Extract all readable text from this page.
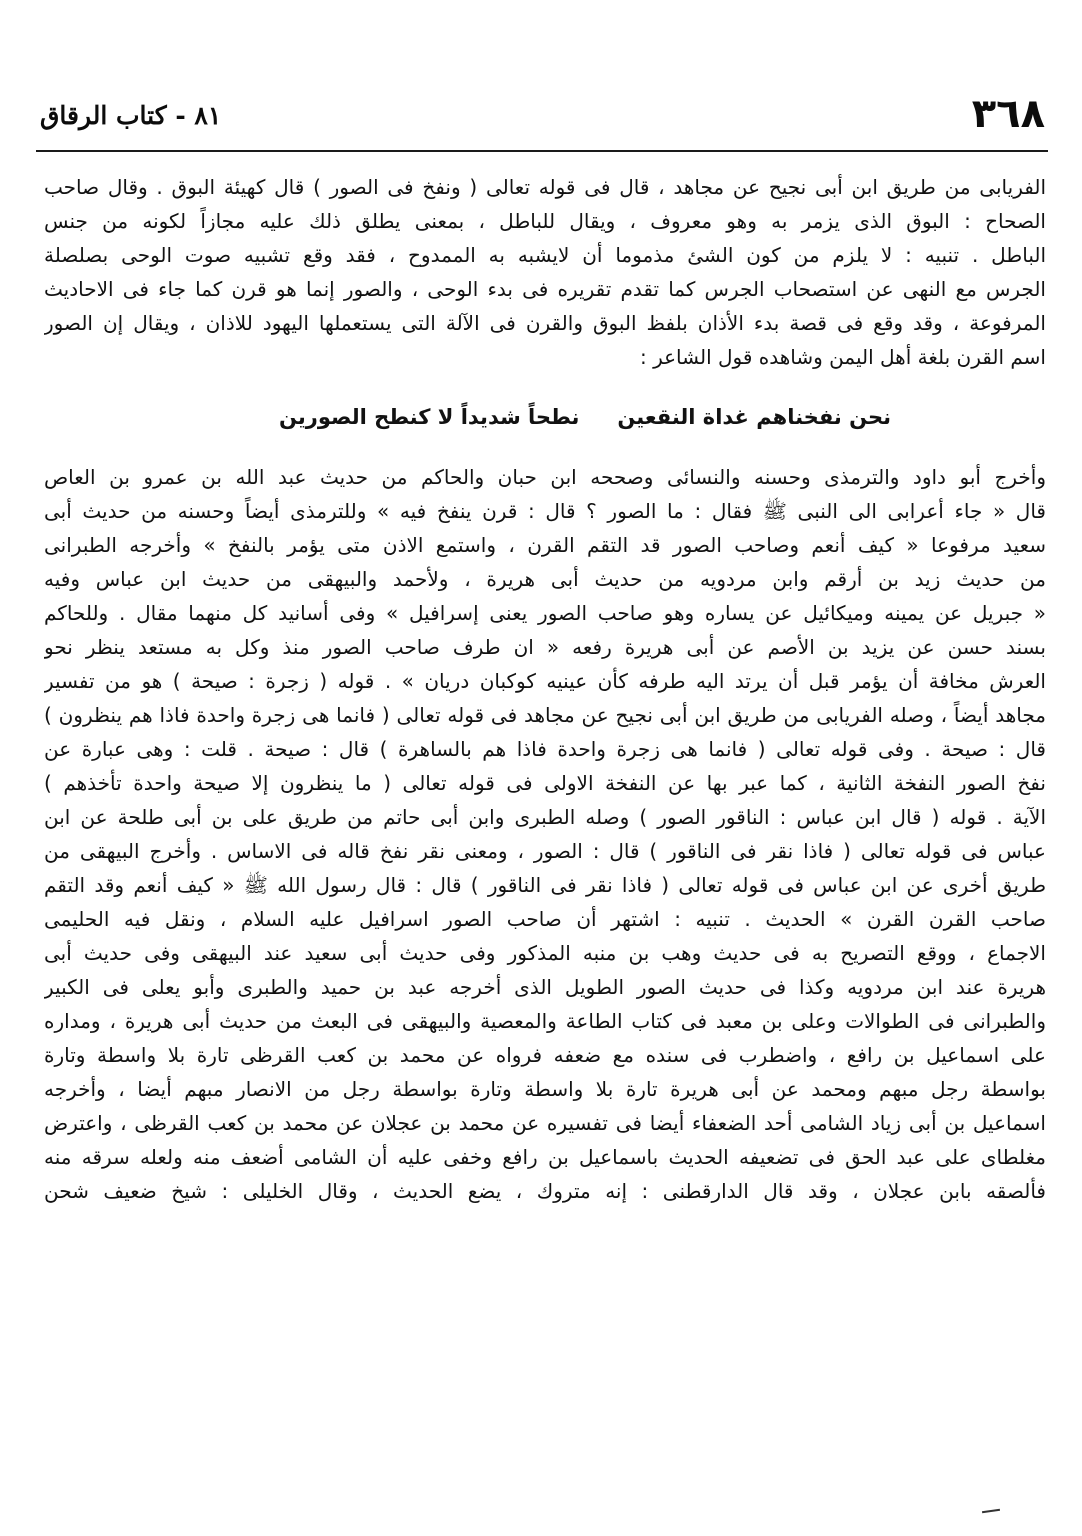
٣٦٨
٨١ - كتاب الرقاق
الفريابى من طريق ابن أبى نجيح عن مجاهد ، قال فى قوله تعالى ( ونفخ فى الصور ) قال كهيئة البوق . وقال صاحب
الصحاح : البوق الذى يزمر به وهو معروف ، ويقال للباطل ، بمعنى يطلق ذلك عليه مجازاً لكونه من جنس
الباطل . تنبيه : لا يلزم من كون الشئ مذموما أن لايشبه به الممدوح ، فقد وقع تشبيه صوت الوحى بصلصلة
الجرس مع النهى عن استصحاب الجرس كما تقدم تقريره فى بدء الوحى ، والصور إنما هو قرن كما جاء فى الاحاديث
المرفوعة ، وقد وقع فى قصة بدء الأذان بلفظ البوق والقرن فى الآلة التى يستعملها اليهود للاذان ، ويقال إن الصور
اسم القرن بلغة أهل اليمن وشاهده قول الشاعر :
نحن نفخناهم غداة النقعين
نطحاً شديداً لا كنطح الصورين
وأخرج أبو داود والترمذى وحسنه والنسائى وصححه ابن حبان والحاكم من حديث عبد الله بن عمرو بن العاص
قال « جاء أعرابى الى النبى ﷺ فقال : ما الصور ؟ قال : قرن ينفخ فيه » وللترمذى أيضاً وحسنه من حديث أبى
سعيد مرفوعا « كيف أنعم وصاحب الصور قد التقم القرن ، واستمع الاذن متى يؤمر بالنفخ » وأخرجه الطبرانى
من حديث زيد بن أرقم وابن مردويه من حديث أبى هريرة ، ولأحمد والبيهقى من حديث ابن عباس وفيه
« جبريل عن يمينه وميكائيل عن يساره وهو صاحب الصور يعنى إسرافيل » وفى أسانيد كل منهما مقال . وللحاكم
بسند حسن عن يزيد بن الأصم عن أبى هريرة رفعه « ان طرف صاحب الصور منذ وكل به مستعد ينظر نحو
العرش مخافة أن يؤمر قبل أن يرتد اليه طرفه كأن عينيه كوكبان دريان » . قوله ( زجرة : صيحة ) هو من تفسير
مجاهد أيضاً ، وصله الفريابى من طريق ابن أبى نجيح عن مجاهد فى قوله تعالى ( فانما هى زجرة واحدة فاذا هم ينظرون )
قال : صيحة . وفى قوله تعالى ( فانما هى زجرة واحدة فاذا هم بالساهرة ) قال : صيحة . قلت : وهى عبارة عن
نفخ الصور النفخة الثانية ، كما عبر بها عن النفخة الاولى فى قوله تعالى ( ما ينظرون إلا صيحة واحدة تأخذهم )
الآية . قوله ( قال ابن عباس : الناقور الصور ) وصله الطبرى وابن أبى حاتم من طريق على بن أبى طلحة عن ابن
عباس فى قوله تعالى ( فاذا نقر فى الناقور ) قال : الصور ، ومعنى نقر نفخ قاله فى الاساس . وأخرج البيهقى من
طريق أخرى عن ابن عباس فى قوله تعالى ( فاذا نقر فى الناقور ) قال : قال رسول الله ﷺ « كيف أنعم وقد التقم
صاحب القرن القرن » الحديث . تنبيه : اشتهر أن صاحب الصور اسرافيل عليه السلام ، ونقل فيه الحليمى
الاجماع ، ووقع التصريح به فى حديث وهب بن منبه المذكور وفى حديث أبى سعيد عند البيهقى وفى حديث أبى
هريرة عند ابن مردويه وكذا فى حديث الصور الطويل الذى أخرجه عبد بن حميد والطبرى وأبو يعلى فى الكبير
والطبرانى فى الطوالات وعلى بن معبد فى كتاب الطاعة والمعصية والبيهقى فى البعث من حديث أبى هريرة ، ومداره
على اسماعيل بن رافع ، واضطرب فى سنده مع ضعفه فرواه عن محمد بن كعب القرظى تارة بلا واسطة وتارة
بواسطة رجل مبهم ومحمد عن أبى هريرة تارة بلا واسطة وتارة بواسطة رجل من الانصار مبهم أيضا ، وأخرجه
اسماعيل بن أبى زياد الشامى أحد الضعفاء أيضا فى تفسيره عن محمد بن عجلان عن محمد بن كعب القرظى ، واعترض
مغلطاى على عبد الحق فى تضعيفه الحديث باسماعيل بن رافع وخفى عليه أن الشامى أضعف منه ولعله سرقه منه
فألصقه بابن عجلان ، وقد قال الدارقطنى : إنه متروك ، يضع الحديث ، وقال الخليلى : شيخ ضعيف شحن
